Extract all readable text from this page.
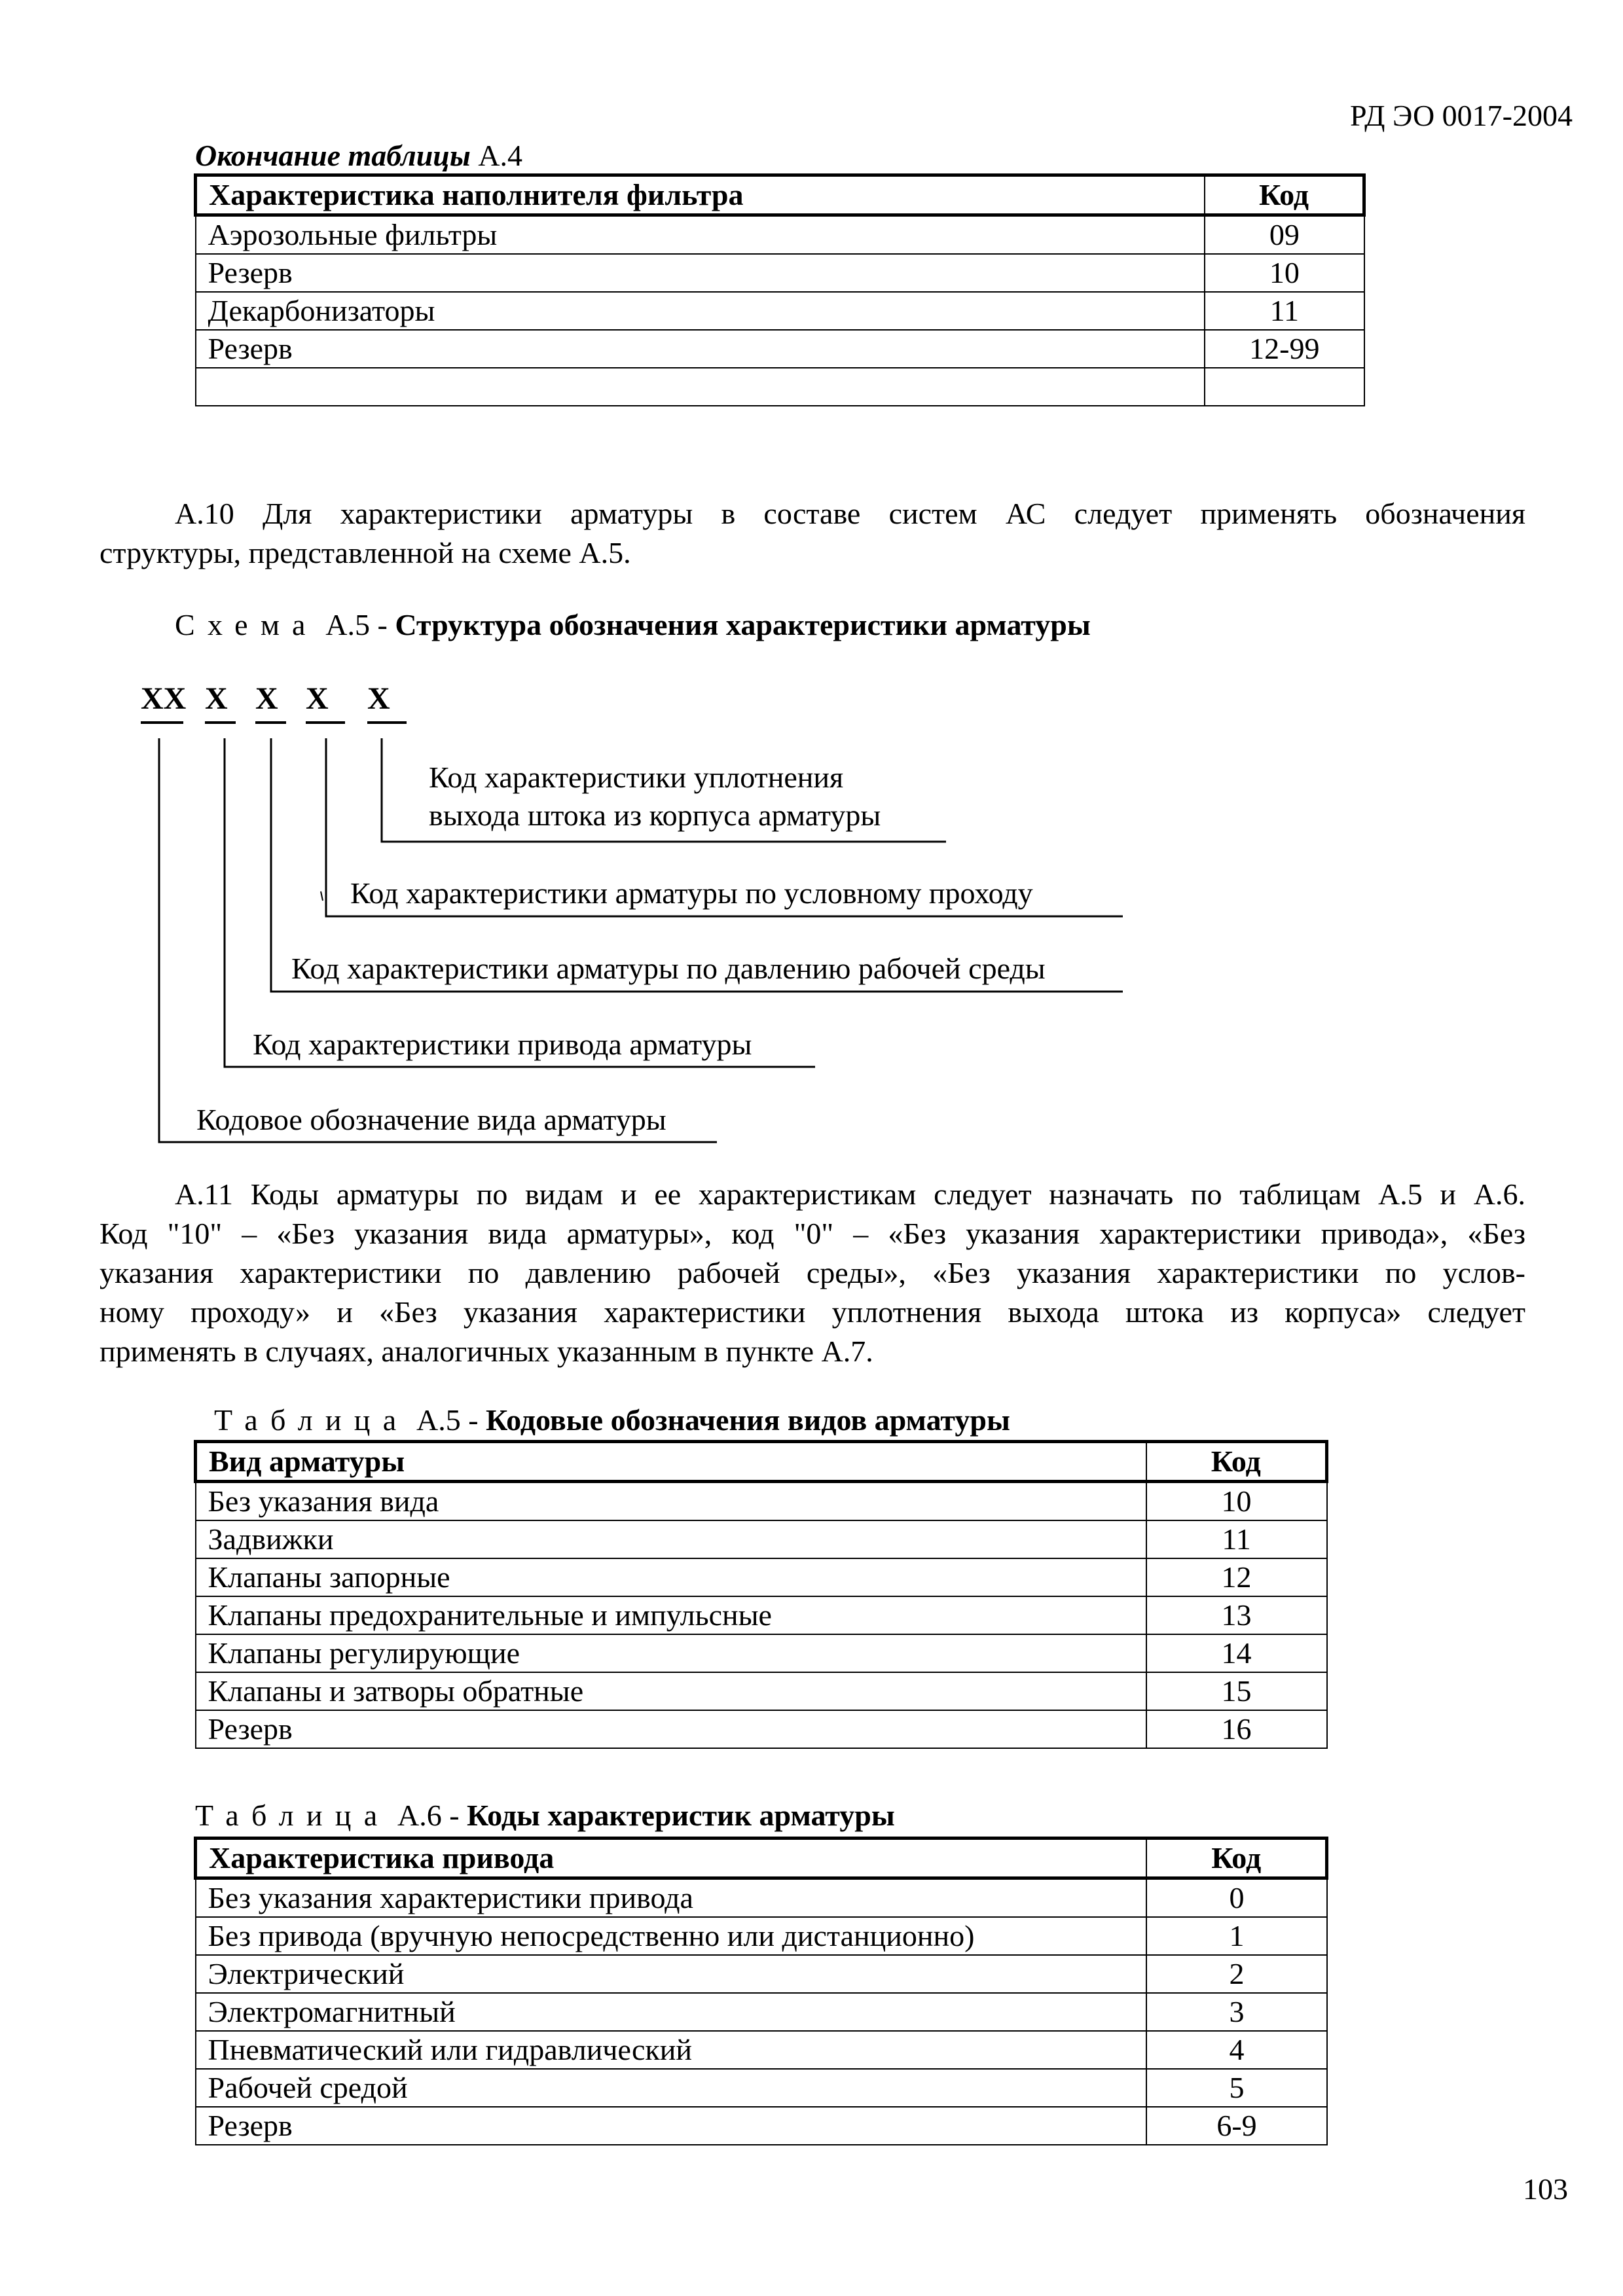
РД ЭО 0017-2004
Окончание таблицы А.4
Характеристика наполнителя фильтра	Код
Аэрозольные фильтры	09
Резерв	10
Декарбонизаторы	11
Резерв	12-99

А.10 Для характеристики арматуры в составе систем АС следует применять обозначения
структуры, представленной на схеме А.5.
Схема А.5 - Структура обозначения характеристики арматуры
XX X X X X
Код характеристики уплотнения
выхода штока из корпуса арматуры
Код характеристики арматуры по условному проходу
Код характеристики арматуры по давлению рабочей среды
Код характеристики привода арматуры
Кодовое обозначение вида арматуры
А.11 Коды арматуры по видам и ее характеристикам следует назначать по таблицам А.5 и А.6.
Код "10" – «Без указания вида арматуры», код "0" – «Без указания характеристики привода», «Без
указания характеристики по давлению рабочей среды», «Без указания характеристики по услов-
ному проходу» и «Без указания характеристики уплотнения выхода штока из корпуса» следует
применять в случаях, аналогичных указанным в пункте А.7.
Таблица А.5 - Кодовые обозначения видов арматуры
Вид арматуры	Код
Без указания вида	10
Задвижки	11
Клапаны запорные	12
Клапаны предохранительные и импульсные	13
Клапаны регулирующие	14
Клапаны и затворы обратные	15
Резерв	16
Таблица А.6 - Коды характеристик арматуры
Характеристика привода	Код
Без указания характеристики привода	0
Без привода (вручную непосредственно или дистанционно)	1
Электрический	2
Электромагнитный	3
Пневматический или гидравлический	4
Рабочей средой	5
Резерв	6-9
103
